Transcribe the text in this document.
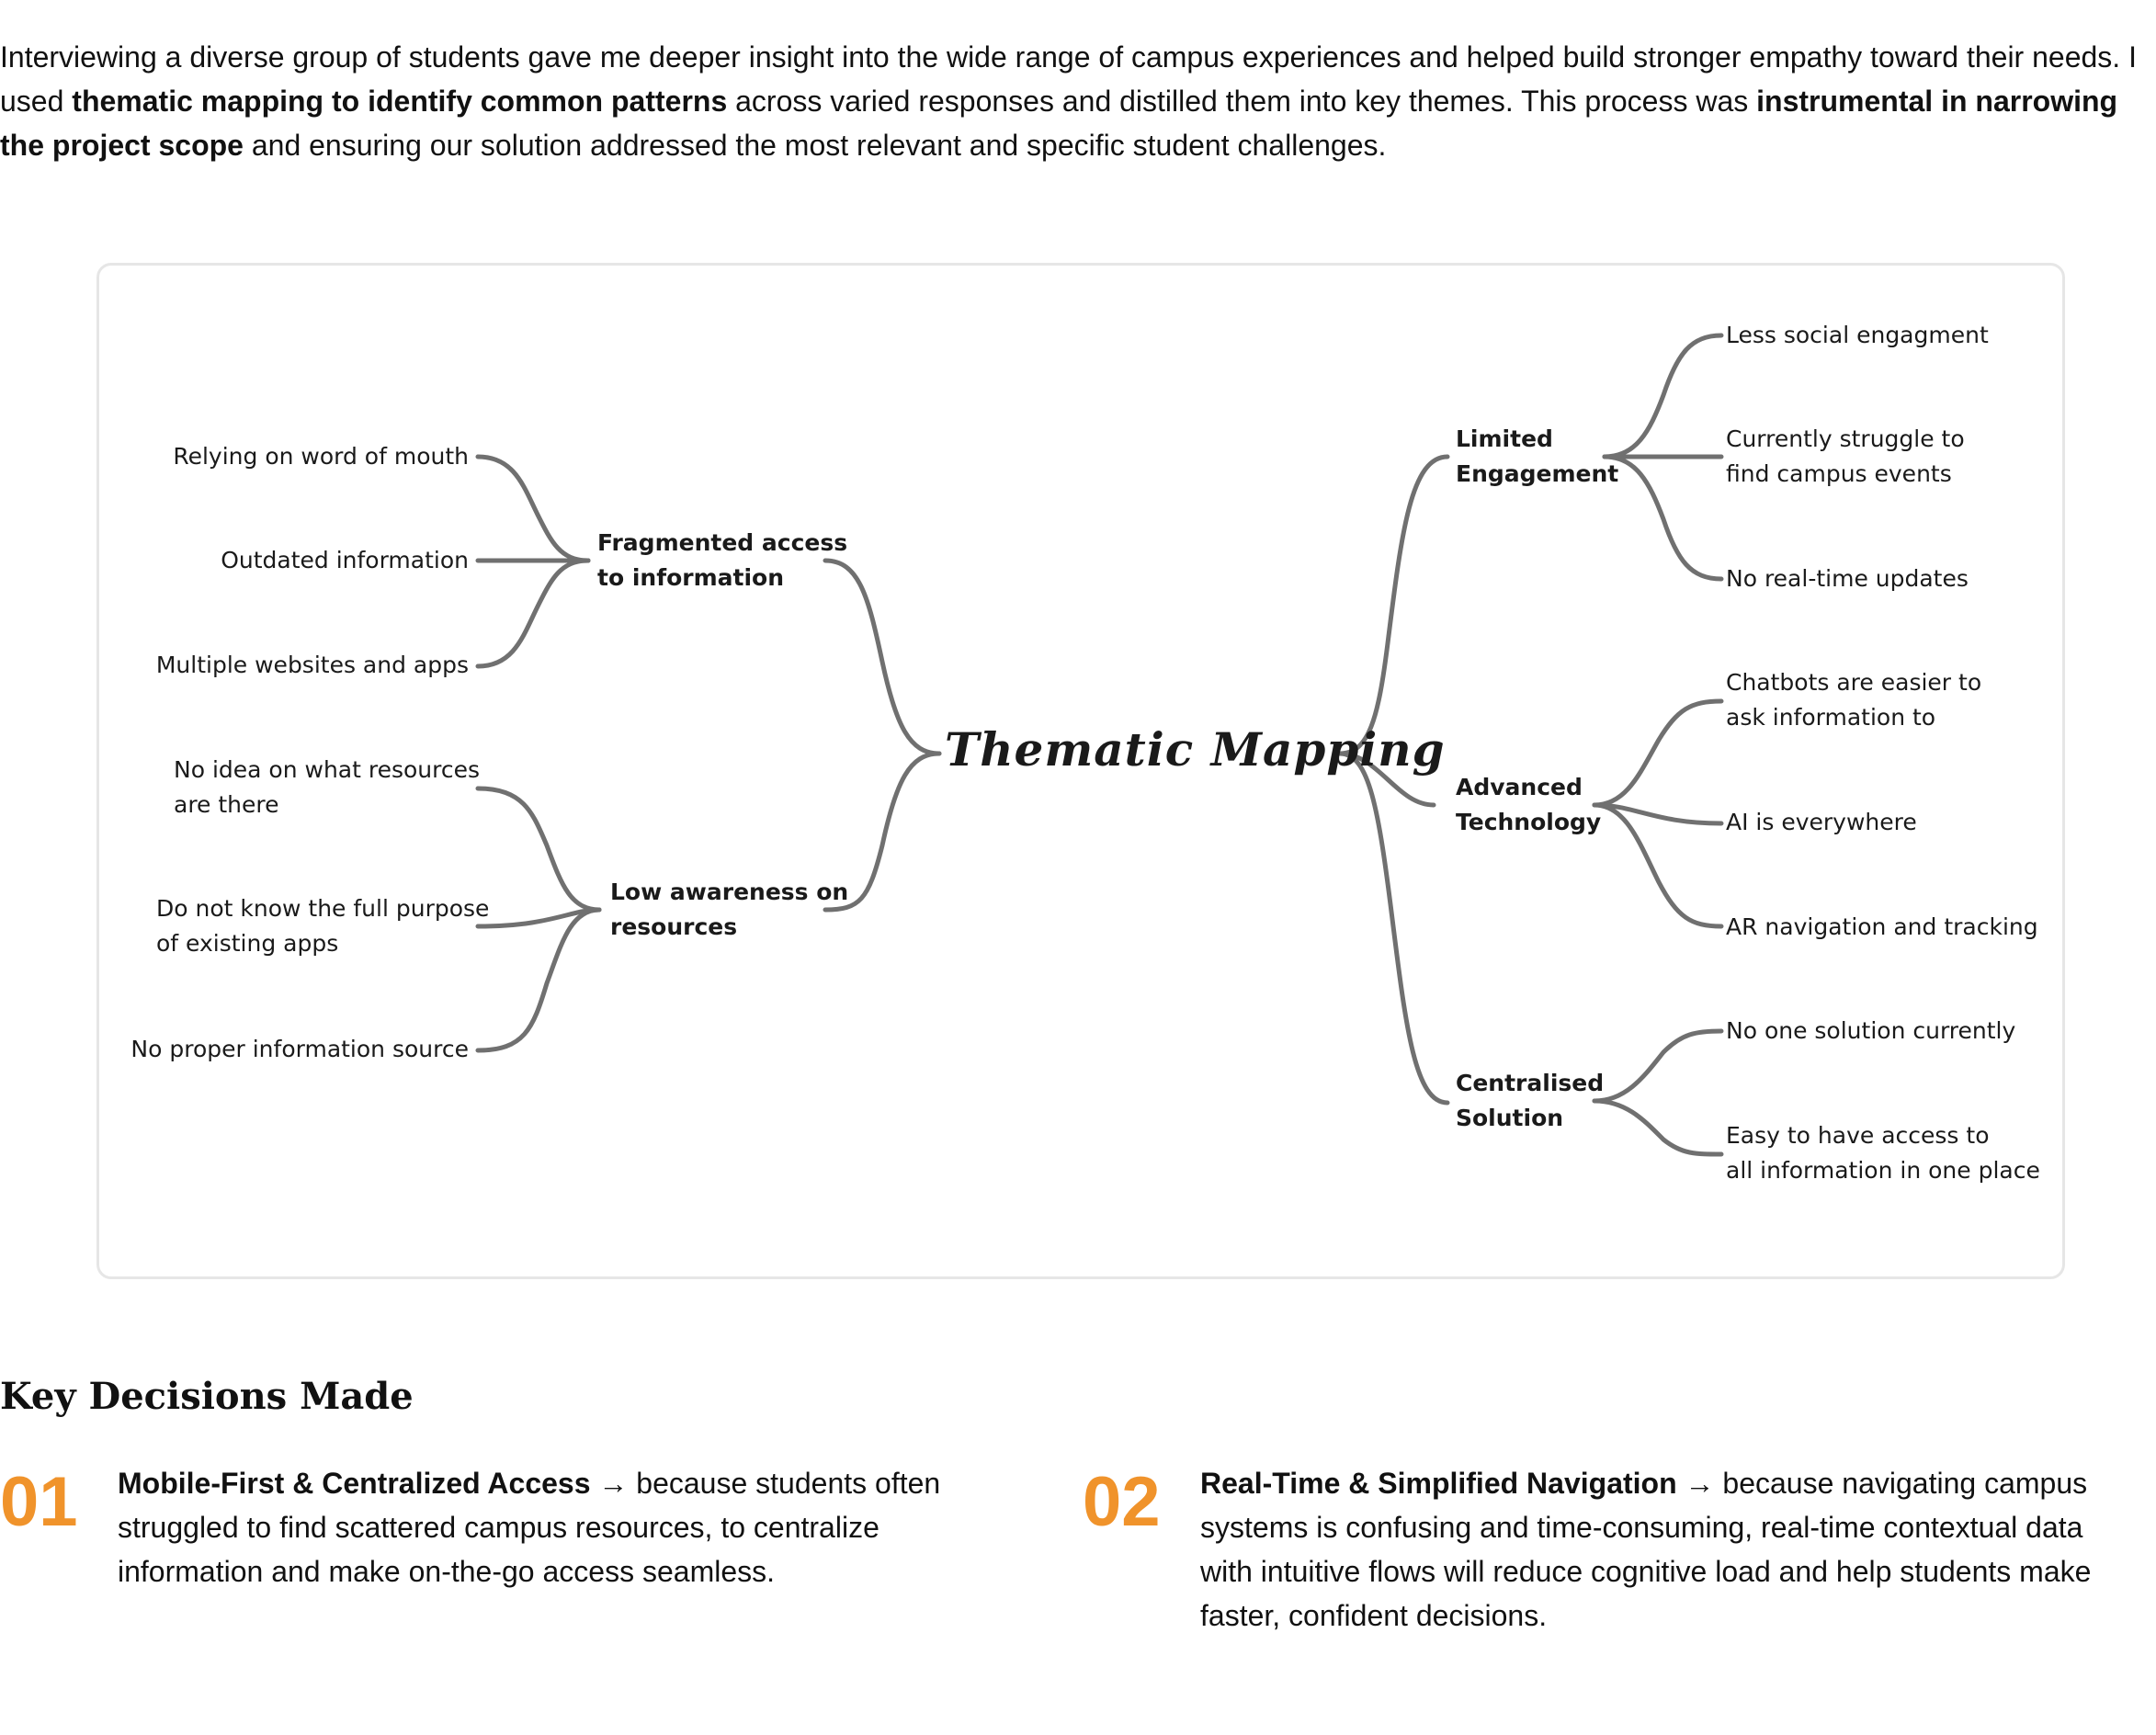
Interviewing a diverse group of students gave me deeper insight into the wide range of campus experiences and helped build stronger empathy toward their needs. I used thematic mapping to identify common patterns across varied responses and distilled them into key themes. This process was instrumental in narrowing the project scope and ensuring our solution addressed the most relevant and specific student challenges.

Thematic Mapping
Fragmented access
to information
Low awareness on
resources
Relying on word of mouth
Outdated information
Multiple websites and apps
No idea on what resources
are there
Do not know the full purpose
of existing apps
No proper information source
Limited
Engagement
Advanced
Technology
Centralised
Solution
Less social engagment
Currently struggle to
find campus events
No real-time updates
Chatbots are easier to
ask information to
AI is everywhere
AR navigation and tracking
No one solution currently
Easy to have access to
all information in one place
Key Decisions Made
01 Mobile-First & Centralized Access → because students often struggled to find scattered campus resources, to centralize information and make on-the-go access seamless.
02 Real-Time & Simplified Navigation → because navigating campus systems is confusing and time-consuming, real-time contextual data with intuitive flows will reduce cognitive load and help students make faster, confident decisions.
